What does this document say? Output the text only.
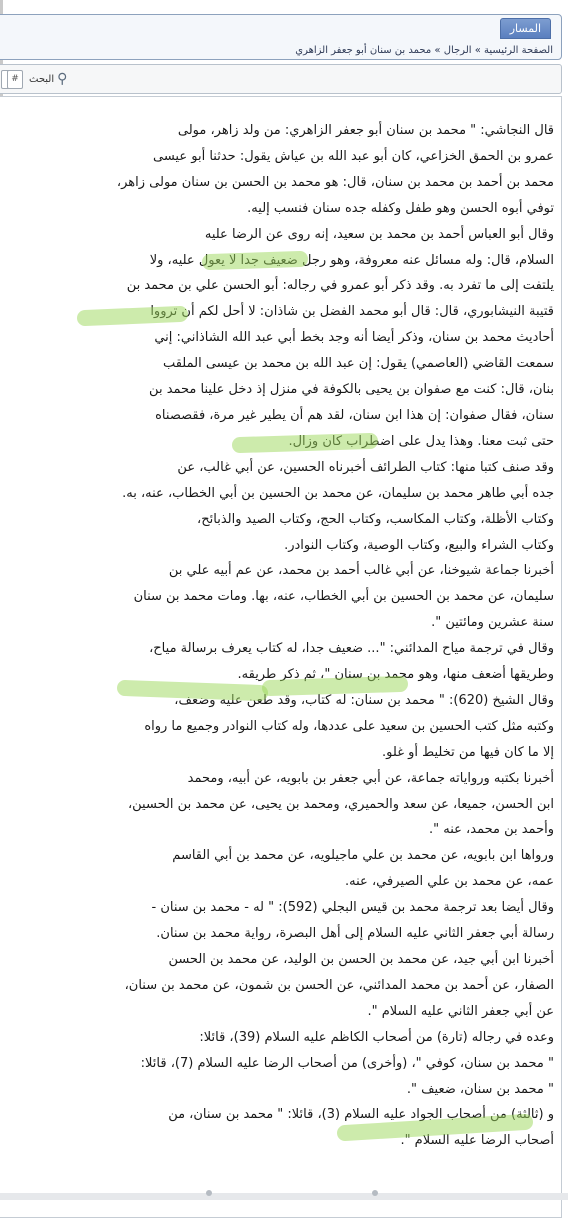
المسار

الصفحة الرئيسية » الرجال » محمد بن سنان أبو جعفر الزاهري

#	البحث ⚲

قال النجاشي: " محمد بن سنان أبو جعفر الزاهري: من ولد زاهر، مولى

عمرو بن الحمق الخزاعي، كان أبو عبد الله بن عياش يقول: حدثنا أبو عيسى

محمد بن أحمد بن محمد بن سنان، قال: هو محمد بن الحسن بن سنان مولى زاهر،

توفي أبوه الحسن وهو طفل وكفله جده سنان فنسب إليه.

وقال أبو العباس أحمد بن محمد بن سعيد، إنه روى عن الرضا عليه

السلام، قال: وله مسائل عنه معروفة، وهو رجل ضعيف جدا لا يعول عليه، ولا

يلتفت إلى ما تفرد به. وقد ذكر أبو عمرو في رجاله: أبو الحسن علي بن محمد بن

قتيبة النيشابوري، قال: قال أبو محمد الفضل بن شاذان: لا أحل لكم أن ترووا

أحاديث محمد بن سنان، وذكر أيضا أنه وجد بخط أبي عبد الله الشاذاني: إني

سمعت القاضي (العاصمي) يقول: إن عبد الله بن محمد بن عيسى الملقب

بنان، قال: كنت مع صفوان بن يحيى بالكوفة في منزل إذ دخل علينا محمد بن

سنان، فقال صفوان: إن هذا ابن سنان، لقد هم أن يطير غير مرة، فقصصناه

حتى ثبت معنا. وهذا يدل على اضطراب كان وزال.

وقد صنف كتبا منها: كتاب الطرائف أخبرناه الحسين، عن أبي غالب، عن

جده أبي طاهر محمد بن سليمان، عن محمد بن الحسين بن أبي الخطاب، عنه، به.

وكتاب الأظلة، وكتاب المكاسب، وكتاب الحج، وكتاب الصيد والذبائح،

وكتاب الشراء والبيع، وكتاب الوصية، وكتاب النوادر.

أخبرنا جماعة شيوخنا، عن أبي غالب أحمد بن محمد، عن عم أبيه علي بن

سليمان، عن محمد بن الحسين بن أبي الخطاب، عنه، بها. ومات محمد بن سنان

سنة عشرين ومائتين ".

وقال في ترجمة مياح المدائني: "... ضعيف جدا، له كتاب يعرف برسالة مياح،

وطريقها أضعف منها، وهو محمد بن سنان "، ثم ذكر طريقه.

وقال الشيخ (620): " محمد بن سنان: له كتاب، وقد طعن عليه وضعف،

وكتبه مثل كتب الحسين بن سعيد على عددها، وله كتاب النوادر وجميع ما رواه

إلا ما كان فيها من تخليط أو غلو.

أخبرنا بكتبه ورواياته جماعة، عن أبي جعفر بن بابويه، عن أبيه، ومحمد

ابن الحسن، جميعا، عن سعد والحميري، ومحمد بن يحيى، عن محمد بن الحسين،

وأحمد بن محمد، عنه ".

ورواها ابن بابويه، عن محمد بن علي ماجيلويه، عن محمد بن أبي القاسم

عمه، عن محمد بن علي الصيرفي، عنه.

وقال أيضا بعد ترجمة محمد بن قيس البجلي (592): " له - محمد بن سنان -

رسالة أبي جعفر الثاني عليه السلام إلى أهل البصرة، رواية محمد بن سنان.

أخبرنا ابن أبي جيد، عن محمد بن الحسن بن الوليد، عن محمد بن الحسن

الصفار، عن أحمد بن محمد المدائني، عن الحسن بن شمون، عن محمد بن سنان،

عن أبي جعفر الثاني عليه السلام ".

وعده في رجاله (تارة) من أصحاب الكاظم عليه السلام (39)، قائلا:

" محمد بن سنان، كوفي "، (وأخرى) من أصحاب الرضا عليه السلام (7)، قائلا:

" محمد بن سنان، ضعيف ".

و (ثالثة) من أصحاب الجواد عليه السلام (3)، قائلا: " محمد بن سنان، من

أصحاب الرضا عليه السلام ".
